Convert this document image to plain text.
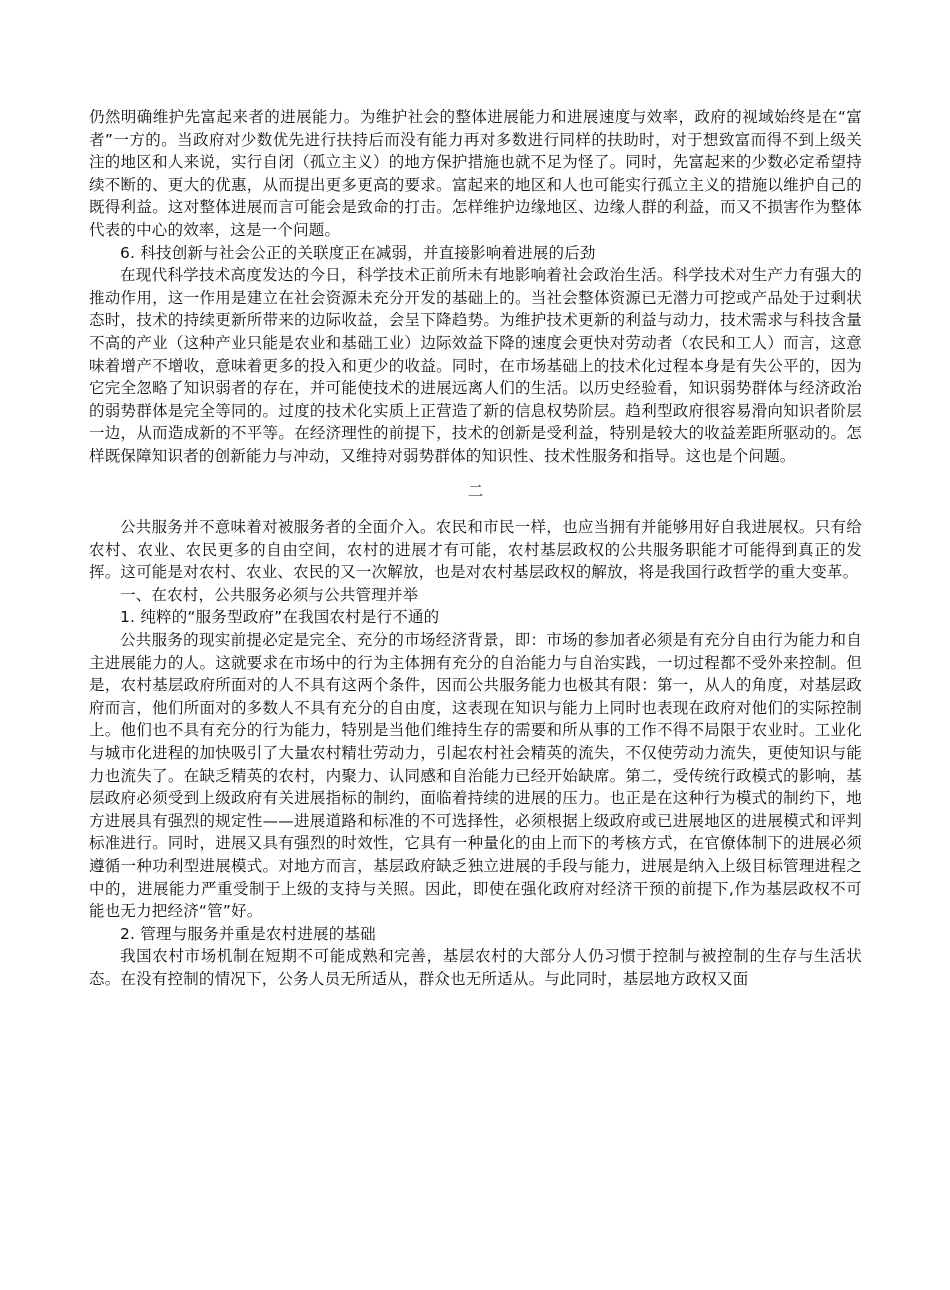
仍然明确维护先富起来者的进展能力。为维护社会的整体进展能力和进展速度与效率，政府的视域始终是在“富者”一方的。当政府对少数优先进行扶持后而没有能力再对多数进行同样的扶助时，对于想致富而得不到上级关注的地区和人来说，实行自闭（孤立主义）的地方保护措施也就不足为怪了。同时，先富起来的少数必定希望持续不断的、更大的优惠，从而提出更多更高的要求。富起来的地区和人也可能实行孤立主义的措施以维护自己的既得利益。这对整体进展而言可能会是致命的打击。怎样维护边缘地区、边缘人群的利益，而又不损害作为整体代表的中心的效率，这是一个问题。

6. 科技创新与社会公正的关联度正在减弱，并直接影响着进展的后劲

在现代科学技术高度发达的今日，科学技术正前所未有地影响着社会政治生活。科学技术对生产力有强大的推动作用，这一作用是建立在社会资源未充分开发的基础上的。当社会整体资源已无潜力可挖或产品处于过剩状态时，技术的持续更新所带来的边际收益，会呈下降趋势。为维护技术更新的利益与动力，技术需求与科技含量不高的产业（这种产业只能是农业和基础工业）边际效益下降的速度会更快对劳动者（农民和工人）而言，这意味着增产不增收，意味着更多的投入和更少的收益。同时，在市场基础上的技术化过程本身是有失公平的，因为它完全忽略了知识弱者的存在，并可能使技术的进展远离人们的生活。以历史经验看，知识弱势群体与经济政治的弱势群体是完全等同的。过度的技术化实质上正营造了新的信息权势阶层。趋利型政府很容易滑向知识者阶层一边，从而造成新的不平等。在经济理性的前提下，技术的创新是受利益，特别是较大的收益差距所驱动的。怎样既保障知识者的创新能力与冲动，又维持对弱势群体的知识性、技术性服务和指导。这也是个问题。

二

公共服务并不意味着对被服务者的全面介入。农民和市民一样，也应当拥有并能够用好自我进展权。只有给农村、农业、农民更多的自由空间，农村的进展才有可能，农村基层政权的公共服务职能才可能得到真正的发挥。这可能是对农村、农业、农民的又一次解放，也是对农村基层政权的解放，将是我国行政哲学的重大变革。

一、在农村，公共服务必须与公共管理并举

1. 纯粹的“服务型政府”在我国农村是行不通的

公共服务的现实前提必定是完全、充分的市场经济背景，即：市场的参加者必须是有充分自由行为能力和自主进展能力的人。这就要求在市场中的行为主体拥有充分的自治能力与自治实践，一切过程都不受外来控制。但是，农村基层政府所面对的人不具有这两个条件，因而公共服务能力也极其有限：第一，从人的角度，对基层政府而言，他们所面对的多数人不具有充分的自由度，这表现在知识与能力上同时也表现在政府对他们的实际控制上。他们也不具有充分的行为能力，特别是当他们维持生存的需要和所从事的工作不得不局限于农业时。工业化与城市化进程的加快吸引了大量农村精壮劳动力，引起农村社会精英的流失，不仅使劳动力流失，更使知识与能力也流失了。在缺乏精英的农村，内聚力、认同感和自治能力已经开始缺席。第二，受传统行政模式的影响，基层政府必须受到上级政府有关进展指标的制约，面临着持续的进展的压力。也正是在这种行为模式的制约下，地方进展具有强烈的规定性——进展道路和标准的不可选择性，必须根据上级政府或已进展地区的进展模式和评判标准进行。同时，进展又具有强烈的时效性，它具有一种量化的由上而下的考核方式，在官僚体制下的进展必须遵循一种功利型进展模式。对地方而言，基层政府缺乏独立进展的手段与能力，进展是纳入上级目标管理进程之中的，进展能力严重受制于上级的支持与关照。因此，即使在强化政府对经济干预的前提下,作为基层政权不可能也无力把经济“管”好。

2. 管理与服务并重是农村进展的基础

我国农村市场机制在短期不可能成熟和完善，基层农村的大部分人仍习惯于控制与被控制的生存与生活状态。在没有控制的情况下，公务人员无所适从，群众也无所适从。与此同时，基层地方政权又面
